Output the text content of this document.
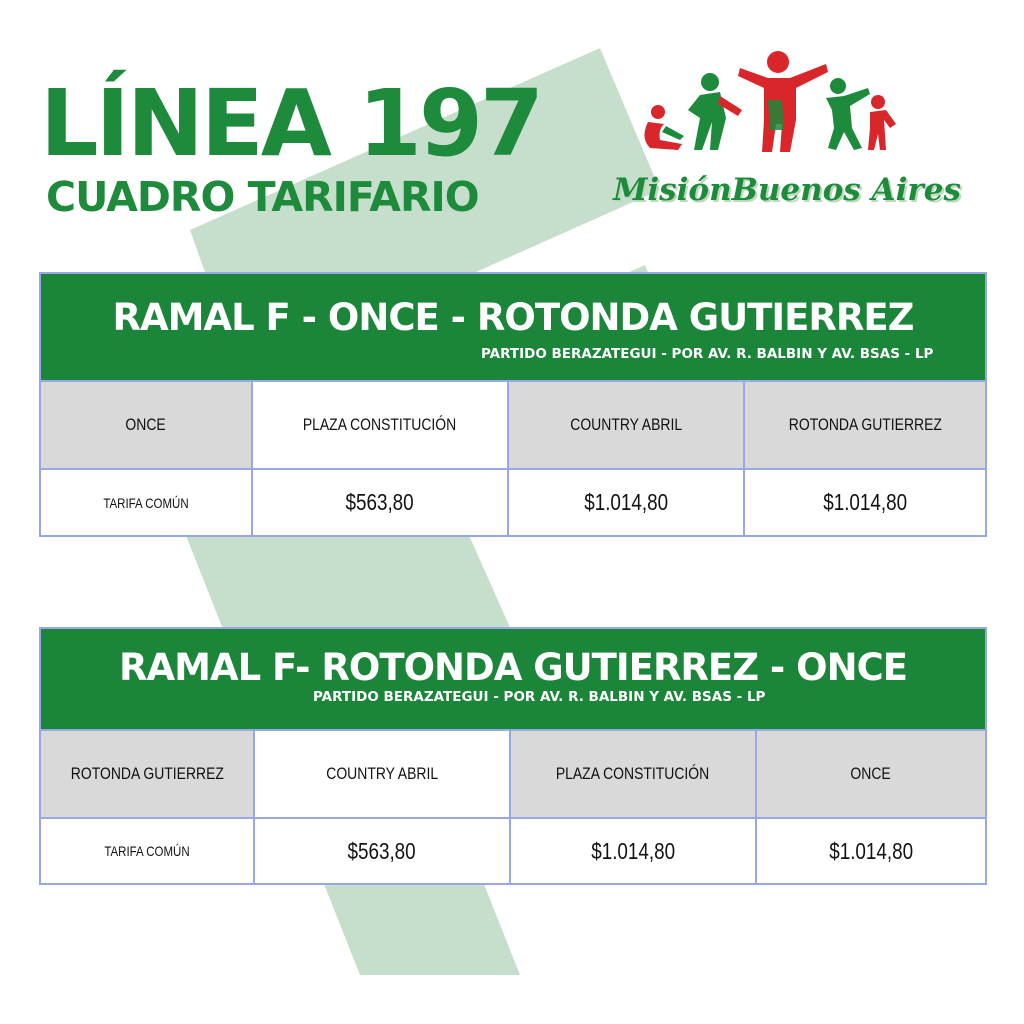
LÍNEA 197
CUADRO TARIFARIO	MisiónBuenos Aires
RAMAL F - ONCE - ROTONDA GUTIERREZ
PARTIDO BERAZATEGUI - POR AV. R. BALBIN Y AV. BSAS - LP
ONCE	PLAZA CONSTITUCIÓN	COUNTRY ABRIL	ROTONDA GUTIERREZ
TARIFA COMÚN	$563,80	$1.014,80	$1.014,80
RAMAL F- ROTONDA GUTIERREZ - ONCE
PARTIDO BERAZATEGUI - POR AV. R. BALBIN Y AV. BSAS - LP
ROTONDA GUTIERREZ	COUNTRY ABRIL	PLAZA CONSTITUCIÓN	ONCE
TARIFA COMÚN	$563,80	$1.014,80	$1.014,80
